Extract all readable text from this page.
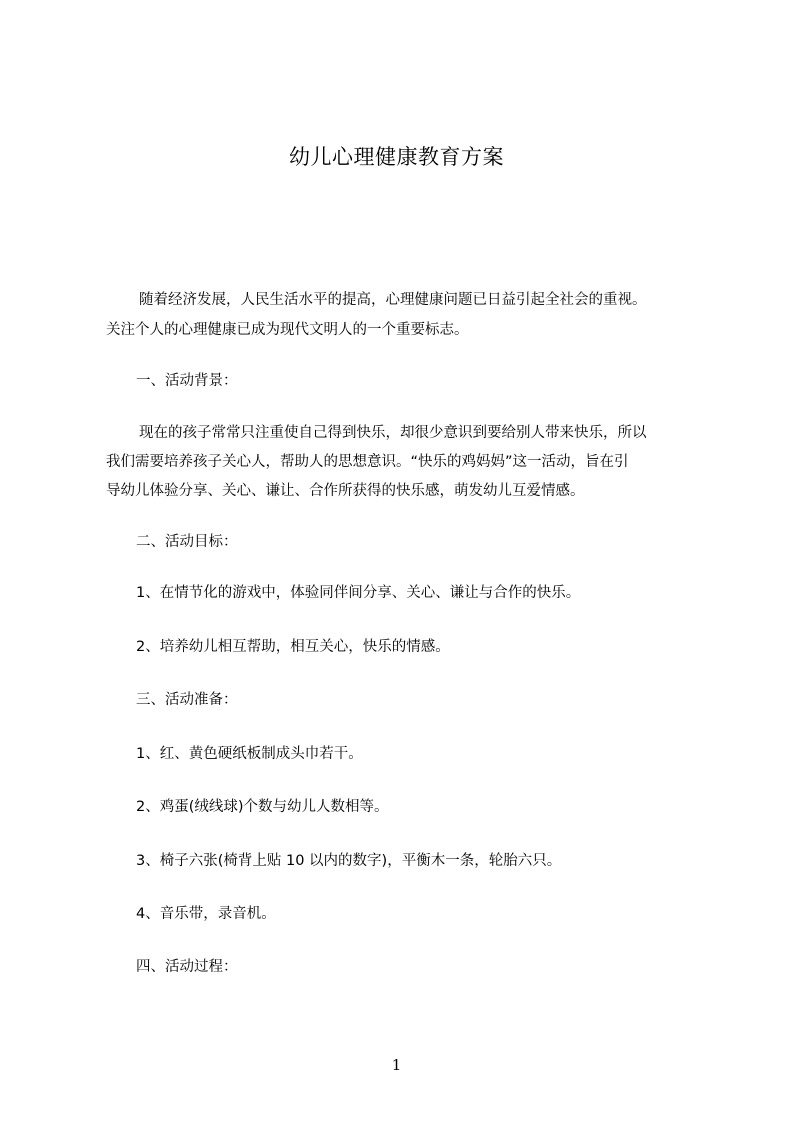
幼儿心理健康教育方案
随着经济发展，人民生活水平的提高，心理健康问题已日益引起全社会的重视。
关注个人的心理健康已成为现代文明人的一个重要标志。
一、活动背景：
现在的孩子常常只注重使自己得到快乐，却很少意识到要给别人带来快乐，所以
我们需要培养孩子关心人，帮助人的思想意识。“快乐的鸡妈妈”这一活动，旨在引
导幼儿体验分享、关心、谦让、合作所获得的快乐感，萌发幼儿互爱情感。
二、活动目标：
1、在情节化的游戏中，体验同伴间分享、关心、谦让与合作的快乐。
2、培养幼儿相互帮助，相互关心，快乐的情感。
三、活动准备：
1、红、黄色硬纸板制成头巾若干。
2、鸡蛋(绒线球)个数与幼儿人数相等。
3、椅子六张(椅背上贴 10 以内的数字)，平衡木一条，轮胎六只。
4、音乐带，录音机。
四、活动过程：
1
